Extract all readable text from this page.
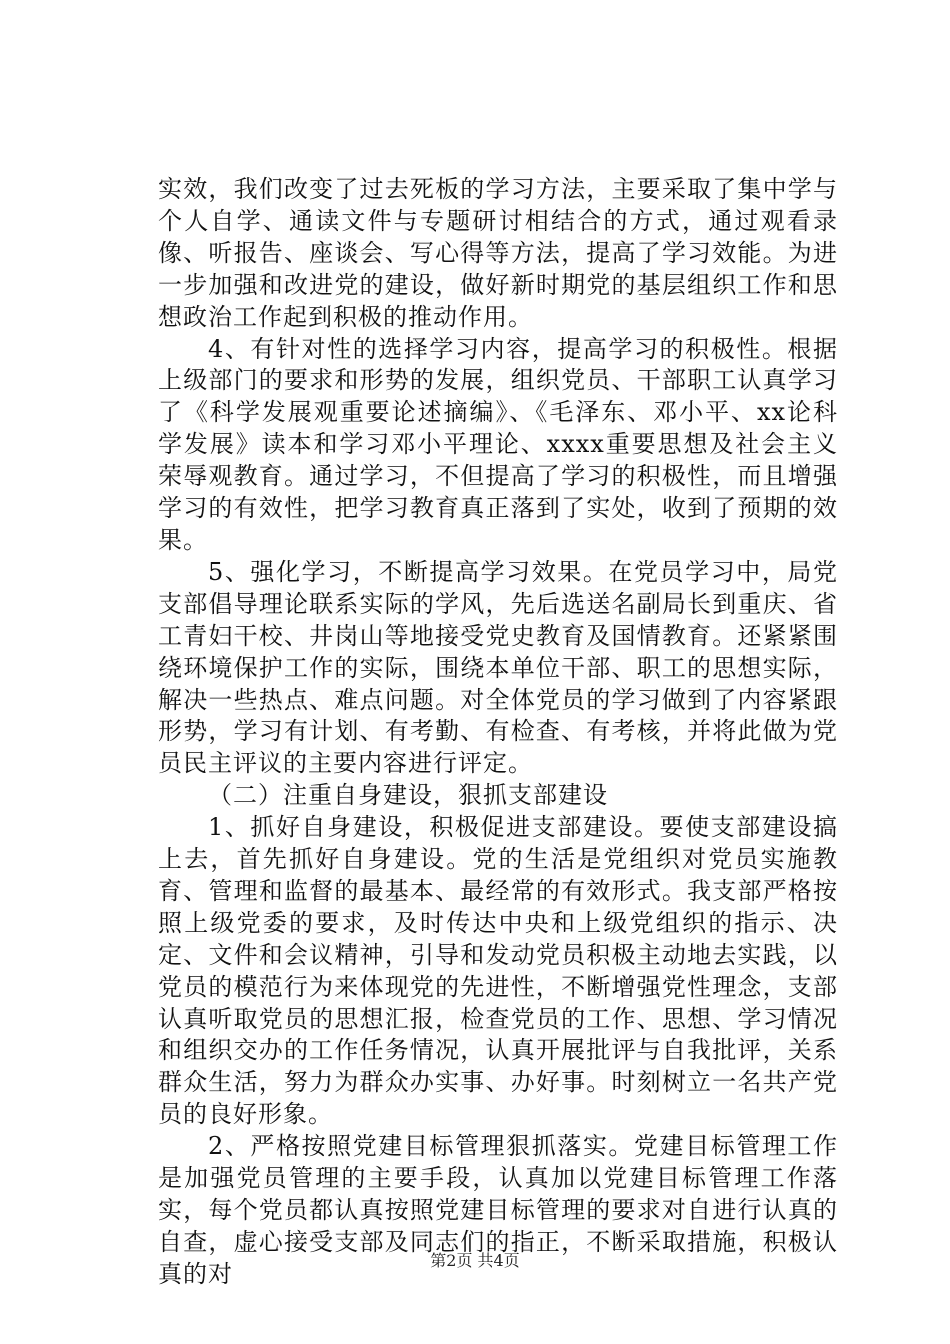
实效，我们改变了过去死板的学习方法，主要采取了集中学与个人自学、通读文件与专题研讨相结合的方式，通过观看录像、听报告、座谈会、写心得等方法，提高了学习效能。为进一步加强和改进党的建设，做好新时期党的基层组织工作和思想政治工作起到积极的推动作用。

4、有针对性的选择学习内容，提高学习的积极性。根据上级部门的要求和形势的发展，组织党员、干部职工认真学习了《科学发展观重要论述摘编》、《毛泽东、邓小平、xx论科学发展》读本和学习邓小平理论、xxxx重要思想及社会主义荣辱观教育。通过学习，不但提高了学习的积极性，而且增强学习的有效性，把学习教育真正落到了实处，收到了预期的效果。

5、强化学习，不断提高学习效果。在党员学习中，局党支部倡导理论联系实际的学风，先后选送名副局长到重庆、省工青妇干校、井岗山等地接受党史教育及国情教育。还紧紧围绕环境保护工作的实际，围绕本单位干部、职工的思想实际，解决一些热点、难点问题。对全体党员的学习做到了内容紧跟形势，学习有计划、有考勤、有检查、有考核，并将此做为党员民主评议的主要内容进行评定。

（二）注重自身建设，狠抓支部建设

1、抓好自身建设，积极促进支部建设。要使支部建设搞上去，首先抓好自身建设。党的生活是党组织对党员实施教育、管理和监督的最基本、最经常的有效形式。我支部严格按照上级党委的要求，及时传达中央和上级党组织的指示、决定、文件和会议精神，引导和发动党员积极主动地去实践，以党员的模范行为来体现党的先进性，不断增强党性理念，支部认真听取党员的思想汇报，检查党员的工作、思想、学习情况和组织交办的工作任务情况，认真开展批评与自我批评，关系群众生活，努力为群众办实事、办好事。时刻树立一名共产党员的良好形象。

2、严格按照党建目标管理狠抓落实。党建目标管理工作是加强党员管理的主要手段，认真加以党建目标管理工作落实，每个党员都认真按照党建目标管理的要求对自进行认真的自查，虚心接受支部及同志们的指正，不断采取措施，积极认真的对	第2页 共4页
